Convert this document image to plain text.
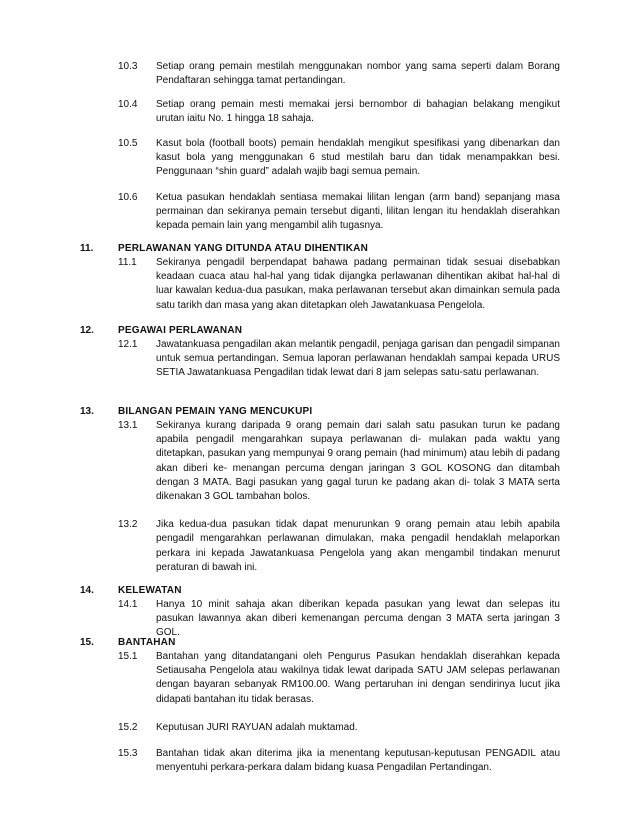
10.3	Setiap orang pemain mestilah menggunakan nombor yang sama seperti dalam Borang Pendaftaran sehingga tamat pertandingan.
10.4	Setiap orang pemain mesti memakai jersi bernombor di bahagian belakang mengikut urutan iaitu No. 1 hingga 18 sahaja.
10.5	Kasut bola (football boots) pemain hendaklah mengikut spesifikasi yang dibenarkan dan kasut bola yang menggunakan 6 stud mestilah baru dan tidak menampakkan besi. Penggunaan “shin guard” adalah wajib bagi semua pemain.
10.6	Ketua pasukan hendaklah sentiasa memakai lilitan lengan (arm band) sepanjang masa permainan dan sekiranya pemain tersebut diganti, lilitan lengan itu hendaklah diserahkan kepada pemain lain yang mengambil alih tugasnya.
11.	PERLAWANAN YANG DITUNDA ATAU DIHENTIKAN
11.1	Sekiranya pengadil berpendapat bahawa padang permainan tidak sesuai disebabkan keadaan cuaca atau hal-hal yang tidak dijangka perlawanan dihentikan akibat hal-hal di luar kawalan kedua-dua pasukan, maka perlawanan tersebut akan dimainkan semula pada satu tarikh dan masa yang akan ditetapkan oleh Jawatankuasa Pengelola.
12.	PEGAWAI PERLAWANAN
12.1	Jawatankuasa pengadilan akan melantik pengadil, penjaga garisan dan pengadil simpanan untuk semua pertandingan. Semua laporan perlawanan hendaklah sampai kepada URUS SETIA Jawatankuasa Pengadilan tidak lewat dari 8 jam selepas satu-satu perlawanan.
13.	BILANGAN PEMAIN YANG MENCUKUPI
13.1	Sekiranya kurang daripada 9 orang pemain dari salah satu pasukan turun ke padang apabila pengadil mengarahkan supaya perlawanan di- mulakan pada waktu yang ditetapkan, pasukan yang mempunyai 9 orang pemain (had minimum) atau lebih di padang akan diberi ke- menangan percuma dengan jaringan 3 GOL KOSONG dan ditambah dengan 3 MATA. Bagi pasukan yang gagal turun ke padang akan di- tolak 3 MATA serta dikenakan 3 GOL tambahan bolos.
13.2	Jika kedua-dua pasukan tidak dapat menurunkan 9 orang pemain atau lebih apabila pengadil mengarahkan perlawanan dimulakan, maka pengadil hendaklah melaporkan perkara ini kepada Jawatankuasa Pengelola yang akan mengambil tindakan menurut peraturan di bawah ini.
14.	KELEWATAN
14.1	Hanya 10 minit sahaja akan diberikan kepada pasukan yang lewat dan selepas itu pasukan lawannya akan diberi kemenangan percuma dengan 3 MATA serta jaringan 3 GOL.
15.	BANTAHAN
15.1	Bantahan yang ditandatangani oleh Pengurus Pasukan hendaklah diserahkan kepada Setiausaha Pengelola atau wakilnya tidak lewat daripada SATU JAM selepas perlawanan dengan bayaran sebanyak RM100.00. Wang pertaruhan ini dengan sendirinya lucut jika didapati bantahan itu tidak berasas.
15.2	Keputusan JURI RAYUAN adalah muktamad.
15.3	Bantahan tidak akan diterima jika ia menentang keputusan-keputusan PENGADIL atau menyentuhi perkara-perkara dalam bidang kuasa Pengadilan Pertandingan.
